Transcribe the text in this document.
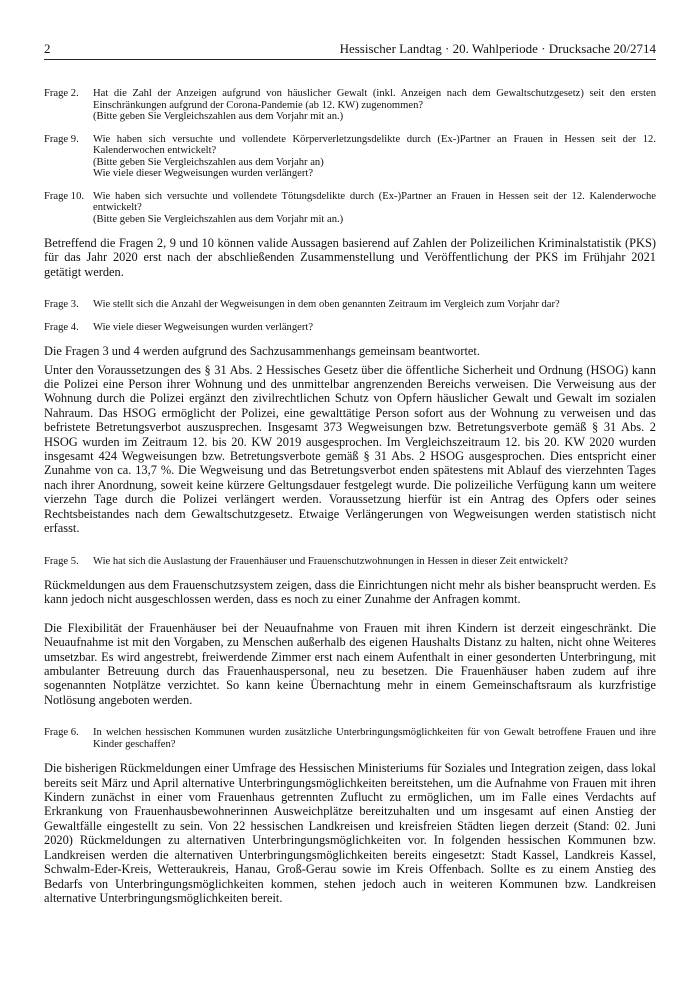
2	Hessischer Landtag · 20. Wahlperiode · Drucksache 20/2714
Frage 2.	Hat die Zahl der Anzeigen aufgrund von häuslicher Gewalt (inkl. Anzeigen nach dem Gewaltschutzgesetz) seit den ersten Einschränkungen aufgrund der Corona-Pandemie (ab 12. KW) zugenommen?
(Bitte geben Sie Vergleichszahlen aus dem Vorjahr mit an.)
Frage 9.	Wie haben sich versuchte und vollendete Körperverletzungsdelikte durch (Ex-)Partner an Frauen in Hessen seit der 12. Kalenderwochen entwickelt?
(Bitte geben Sie Vergleichszahlen aus dem Vorjahr an)
Wie viele dieser Wegweisungen wurden verlängert?
Frage 10. Wie haben sich versuchte und vollendete Tötungsdelikte durch (Ex-)Partner an Frauen in Hessen seit der 12. Kalenderwoche entwickelt?
(Bitte geben Sie Vergleichszahlen aus dem Vorjahr mit an.)

Betreffend die Fragen 2, 9 und 10 können valide Aussagen basierend auf Zahlen der Polizeilichen Kriminalstatistik (PKS) für das Jahr 2020 erst nach der abschließenden Zusammenstellung und Veröffentlichung der PKS im Frühjahr 2021 getätigt werden.

Frage 3.	Wie stellt sich die Anzahl der Wegweisungen in dem oben genannten Zeitraum im Vergleich zum Vorjahr dar?
Frage 4.	Wie viele dieser Wegweisungen wurden verlängert?

Die Fragen 3 und 4 werden aufgrund des Sachzusammenhangs gemeinsam beantwortet.

Unter den Voraussetzungen des § 31 Abs. 2 Hessisches Gesetz über die öffentliche Sicherheit und Ordnung (HSOG) kann die Polizei eine Person ihrer Wohnung und des unmittelbar angrenzenden Bereichs verweisen. Die Verweisung aus der Wohnung durch die Polizei ergänzt den zivilrechtlichen Schutz von Opfern häuslicher Gewalt und Gewalt im sozialen Nahraum. Das HSOG ermöglicht der Polizei, eine gewalttätige Person sofort aus der Wohnung zu verweisen und das befristete Betretungsverbot auszusprechen. Insgesamt 373 Wegweisungen bzw. Betretungsverbote gemäß § 31 Abs. 2 HSOG wurden im Zeitraum 12. bis 20. KW 2019 ausgesprochen. Im Vergleichszeitraum 12. bis 20. KW 2020 wurden insgesamt 424 Wegweisungen bzw. Betretungsverbote gemäß § 31 Abs. 2 HSOG ausgesprochen. Dies entspricht einer Zunahme von ca. 13,7 %. Die Wegweisung und das Betretungsverbot enden spätestens mit Ablauf des vierzehnten Tages nach ihrer Anordnung, soweit keine kürzere Geltungsdauer festgelegt wurde. Die polizeiliche Verfügung kann um weitere vierzehn Tage durch die Polizei verlängert werden. Voraussetzung hierfür ist ein Antrag des Opfers oder seines Rechtsbeistandes nach dem Gewaltschutzgesetz. Etwaige Verlängerungen von Wegweisungen werden statistisch nicht erfasst.

Frage 5.	Wie hat sich die Auslastung der Frauenhäuser und Frauenschutzwohnungen in Hessen in dieser Zeit entwickelt?

Rückmeldungen aus dem Frauenschutzsystem zeigen, dass die Einrichtungen nicht mehr als bisher beansprucht werden. Es kann jedoch nicht ausgeschlossen werden, dass es noch zu einer Zunahme der Anfragen kommt.

Die Flexibilität der Frauenhäuser bei der Neuaufnahme von Frauen mit ihren Kindern ist derzeit eingeschränkt. Die Neuaufnahme ist mit den Vorgaben, zu Menschen außerhalb des eigenen Haushalts Distanz zu halten, nicht ohne Weiteres umsetzbar. Es wird angestrebt, freiwerdende Zimmer erst nach einem Aufenthalt in einer gesonderten Unterbringung, mit ambulanter Betreuung durch das Frauenhauspersonal, neu zu besetzen. Die Frauenhäuser haben zudem auf ihre sogenannten Notplätze verzichtet. So kann keine Übernachtung mehr in einem Gemeinschaftsraum als kurzfristige Notlösung angeboten werden.

Frage 6.	In welchen hessischen Kommunen wurden zusätzliche Unterbringungsmöglichkeiten für von Gewalt betroffene Frauen und ihre Kinder geschaffen?

Die bisherigen Rückmeldungen einer Umfrage des Hessischen Ministeriums für Soziales und Integration zeigen, dass lokal bereits seit März und April alternative Unterbringungsmöglichkeiten bereitstehen, um die Aufnahme von Frauen mit ihren Kindern zunächst in einer vom Frauenhaus getrennten Zuflucht zu ermöglichen, um im Falle eines Verdachts auf Erkrankung von Frauenhausbewohnerinnen Ausweichplätze bereitzuhalten und um insgesamt auf einen Anstieg der Gewaltfälle eingestellt zu sein. Von 22 hessischen Landkreisen und kreisfreien Städten liegen derzeit (Stand: 02. Juni 2020) Rückmeldungen zu alternativen Unterbringungsmöglichkeiten vor. In folgenden hessischen Kommunen bzw. Landkreisen werden die alternativen Unterbringungsmöglichkeiten bereits eingesetzt: Stadt Kassel, Landkreis Kassel, Schwalm-Eder-Kreis, Wetteraukreis, Hanau, Groß-Gerau sowie im Kreis Offenbach. Sollte es zu einem Anstieg des Bedarfs von Unterbringungsmöglichkeiten kommen, stehen jedoch auch in weiteren Kommunen bzw. Landkreisen alternative Unterbringungsmöglichkeiten bereit.
